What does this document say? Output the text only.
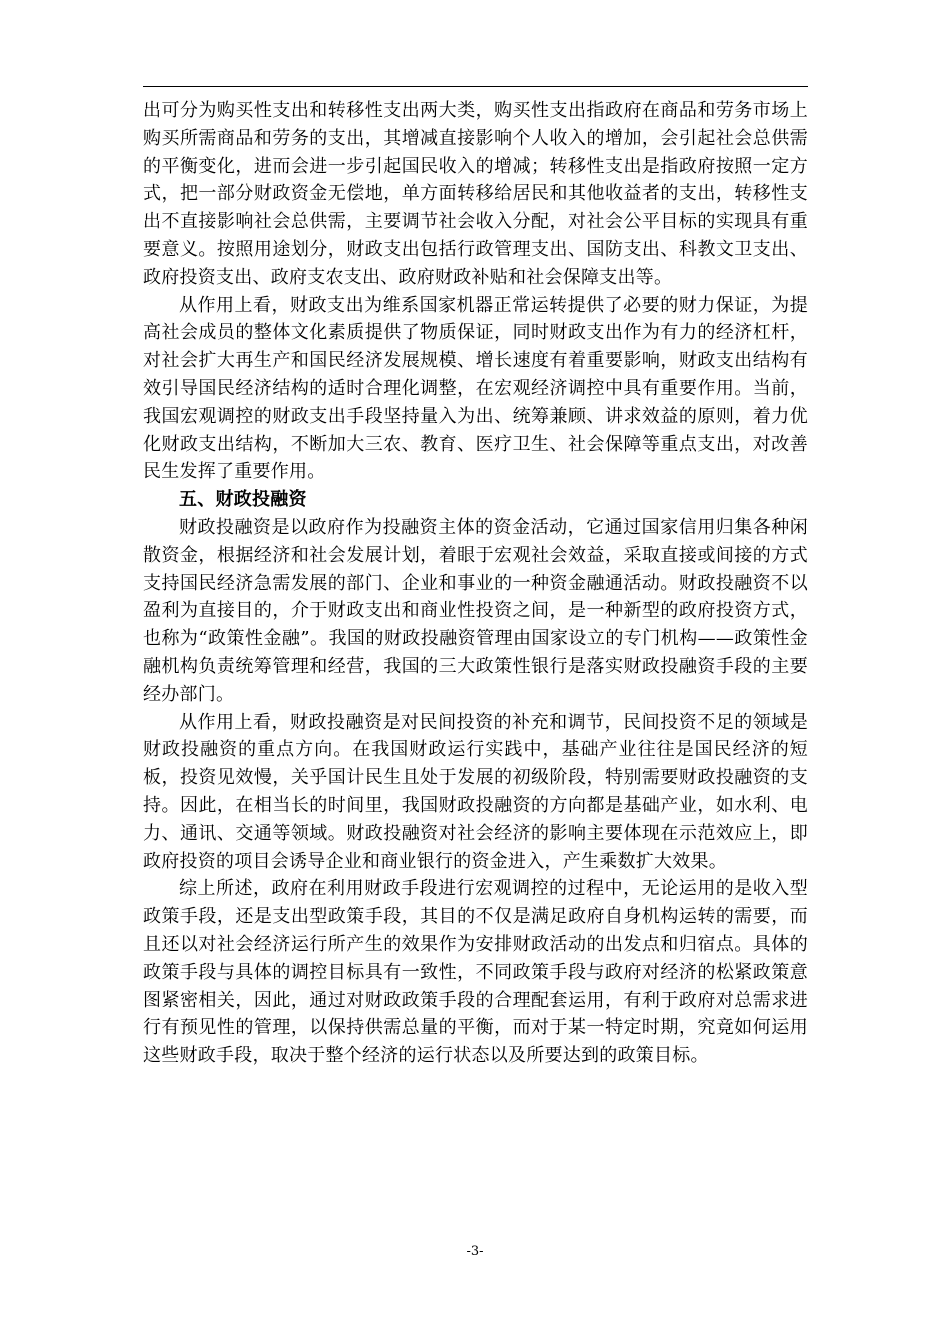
出可分为购买性支出和转移性支出两大类，购买性支出指政府在商品和劳务市场上购买所需商品和劳务的支出，其增减直接影响个人收入的增加，会引起社会总供需的平衡变化，进而会进一步引起国民收入的增减；转移性支出是指政府按照一定方式，把一部分财政资金无偿地，单方面转移给居民和其他收益者的支出，转移性支出不直接影响社会总供需，主要调节社会收入分配，对社会公平目标的实现具有重要意义。按照用途划分，财政支出包括行政管理支出、国防支出、科教文卫支出、政府投资支出、政府支农支出、政府财政补贴和社会保障支出等。

从作用上看，财政支出为维系国家机器正常运转提供了必要的财力保证，为提高社会成员的整体文化素质提供了物质保证，同时财政支出作为有力的经济杠杆，对社会扩大再生产和国民经济发展规模、增长速度有着重要影响，财政支出结构有效引导国民经济结构的适时合理化调整，在宏观经济调控中具有重要作用。当前，我国宏观调控的财政支出手段坚持量入为出、统筹兼顾、讲求效益的原则，着力优化财政支出结构，不断加大三农、教育、医疗卫生、社会保障等重点支出，对改善民生发挥了重要作用。

五、财政投融资

财政投融资是以政府作为投融资主体的资金活动，它通过国家信用归集各种闲散资金，根据经济和社会发展计划，着眼于宏观社会效益，采取直接或间接的方式支持国民经济急需发展的部门、企业和事业的一种资金融通活动。财政投融资不以盈利为直接目的，介于财政支出和商业性投资之间，是一种新型的政府投资方式，也称为“政策性金融”。我国的财政投融资管理由国家设立的专门机构——政策性金融机构负责统筹管理和经营，我国的三大政策性银行是落实财政投融资手段的主要经办部门。

从作用上看，财政投融资是对民间投资的补充和调节，民间投资不足的领域是财政投融资的重点方向。在我国财政运行实践中，基础产业往往是国民经济的短板，投资见效慢，关乎国计民生且处于发展的初级阶段，特别需要财政投融资的支持。因此，在相当长的时间里，我国财政投融资的方向都是基础产业，如水利、电力、通讯、交通等领域。财政投融资对社会经济的影响主要体现在示范效应上，即政府投资的项目会诱导企业和商业银行的资金进入，产生乘数扩大效果。

综上所述，政府在利用财政手段进行宏观调控的过程中，无论运用的是收入型政策手段，还是支出型政策手段，其目的不仅是满足政府自身机构运转的需要，而且还以对社会经济运行所产生的效果作为安排财政活动的出发点和归宿点。具体的政策手段与具体的调控目标具有一致性，不同政策手段与政府对经济的松紧政策意图紧密相关，因此，通过对财政政策手段的合理配套运用，有利于政府对总需求进行有预见性的管理，以保持供需总量的平衡，而对于某一特定时期，究竟如何运用这些财政手段，取决于整个经济的运行状态以及所要达到的政策目标。

-3-
